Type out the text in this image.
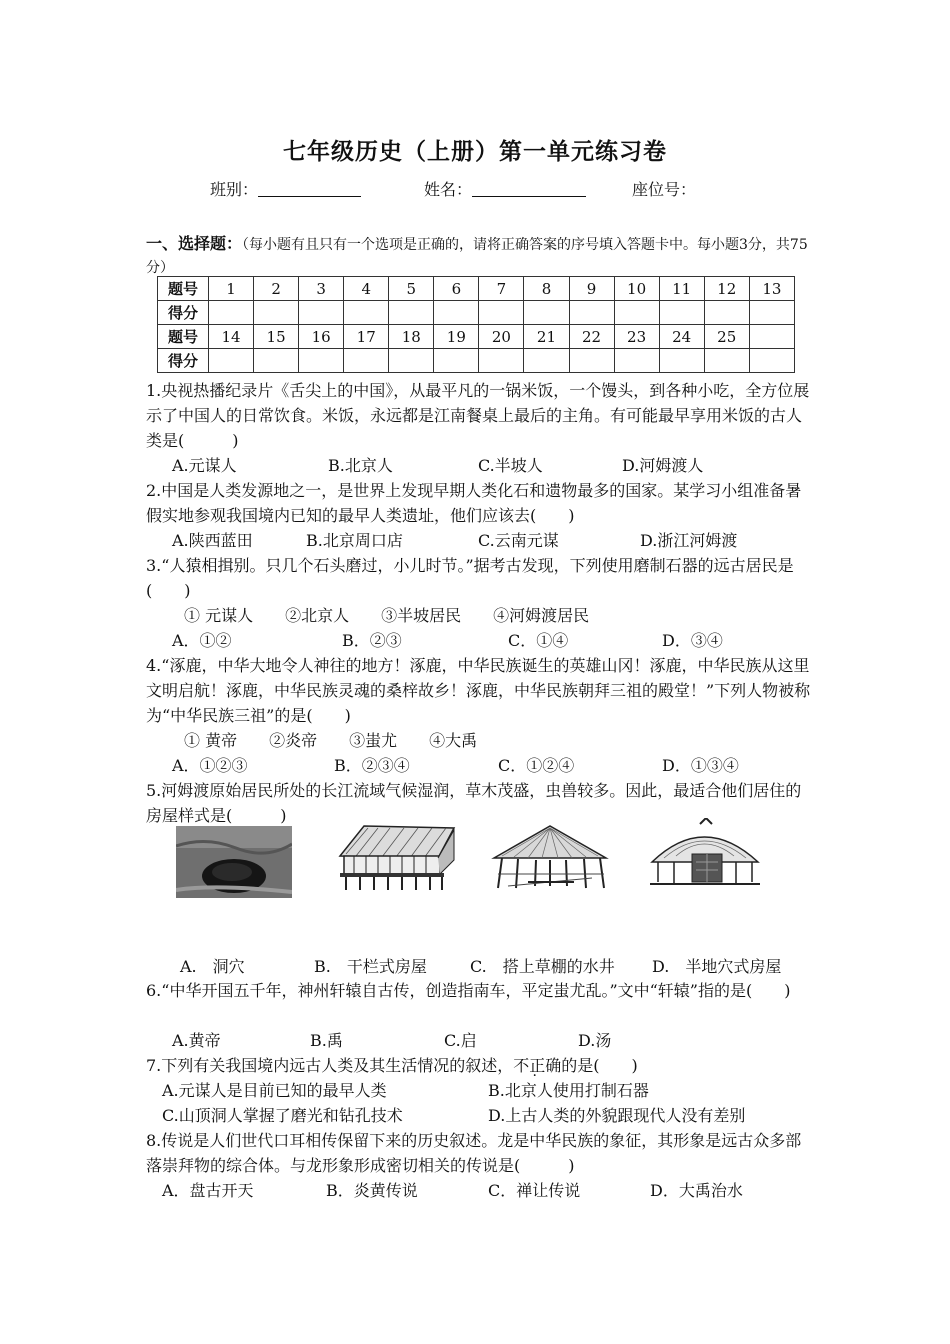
七年级历史（上册）第一单元练习卷
班别：	姓名：	座位号：
一、选择题：（每小题有且只有一个选项是正确的，请将正确答案的序号填入答题卡中。每小题3分，共75分）
题号	1	2	3	4	5	6	7	8	9	10	11	12	13
得分													
题号	14	15	16	17	18	19	20	21	22	23	24	25	
得分													
1.央视热播纪录片《舌尖上的中国》，从最平凡的一锅米饭，一个馒头，到各种小吃，全方位展示了中国人的日常饮食。米饭，永远都是江南餐桌上最后的主角。有可能最早享用米饭的古人类是(　　　)
A.元谋人	B.北京人	C.半坡人	D.河姆渡人
2.中国是人类发源地之一，是世界上发现早期人类化石和遗物最多的国家。某学习小组准备暑假实地参观我国境内已知的最早人类遗址，他们应该去(　　)
A.陕西蓝田	B.北京周口店	C.云南元谋	D.浙江河姆渡
3.“人猿相揖别。只几个石头磨过，小儿时节。”据考古发现，下列使用磨制石器的远古居民是(　　)
① 元谋人　　②北京人　　③半坡居民　　④河姆渡居民
A．①②	B．②③	C．①④	D．③④
4.“涿鹿，中华大地令人神往的地方！涿鹿，中华民族诞生的英雄山冈！涿鹿，中华民族从这里文明启航！涿鹿，中华民族灵魂的桑梓故乡！涿鹿，中华民族朝拜三祖的殿堂！”下列人物被称为“中华民族三祖”的是(　　)
① 黄帝　　②炎帝　　③蚩尤　　④大禹
A．①②③	B．②③④	C．①②④	D．①③④
5.河姆渡原始居民所处的长江流域气候湿润，草木茂盛，虫兽较多。因此，最适合他们居住的房屋样式是(　　　)
A.　洞穴	B.　干栏式房屋	C.　搭上草棚的水井 D.　半地穴式房屋
6.“中华开国五千年，神州轩辕自古传，创造指南车，平定蚩尤乱。”文中“轩辕”指的是(　　)
A.黄帝	B.禹	C.启	D.汤
7.下列有关我国境内远古人类及其生活情况的叙述，不正确的是(　　)
A.元谋人是目前已知的最早人类	B.北京人使用打制石器
C.山顶洞人掌握了磨光和钻孔技术	D.上古人类的外貌跟现代人没有差别
8.传说是人们世代口耳相传保留下来的历史叙述。龙是中华民族的象征，其形象是远古众多部落崇拜物的综合体。与龙形象形成密切相关的传说是(　　　)
A．盘古开天	B．炎黄传说	C．禅让传说	D．大禹治水
